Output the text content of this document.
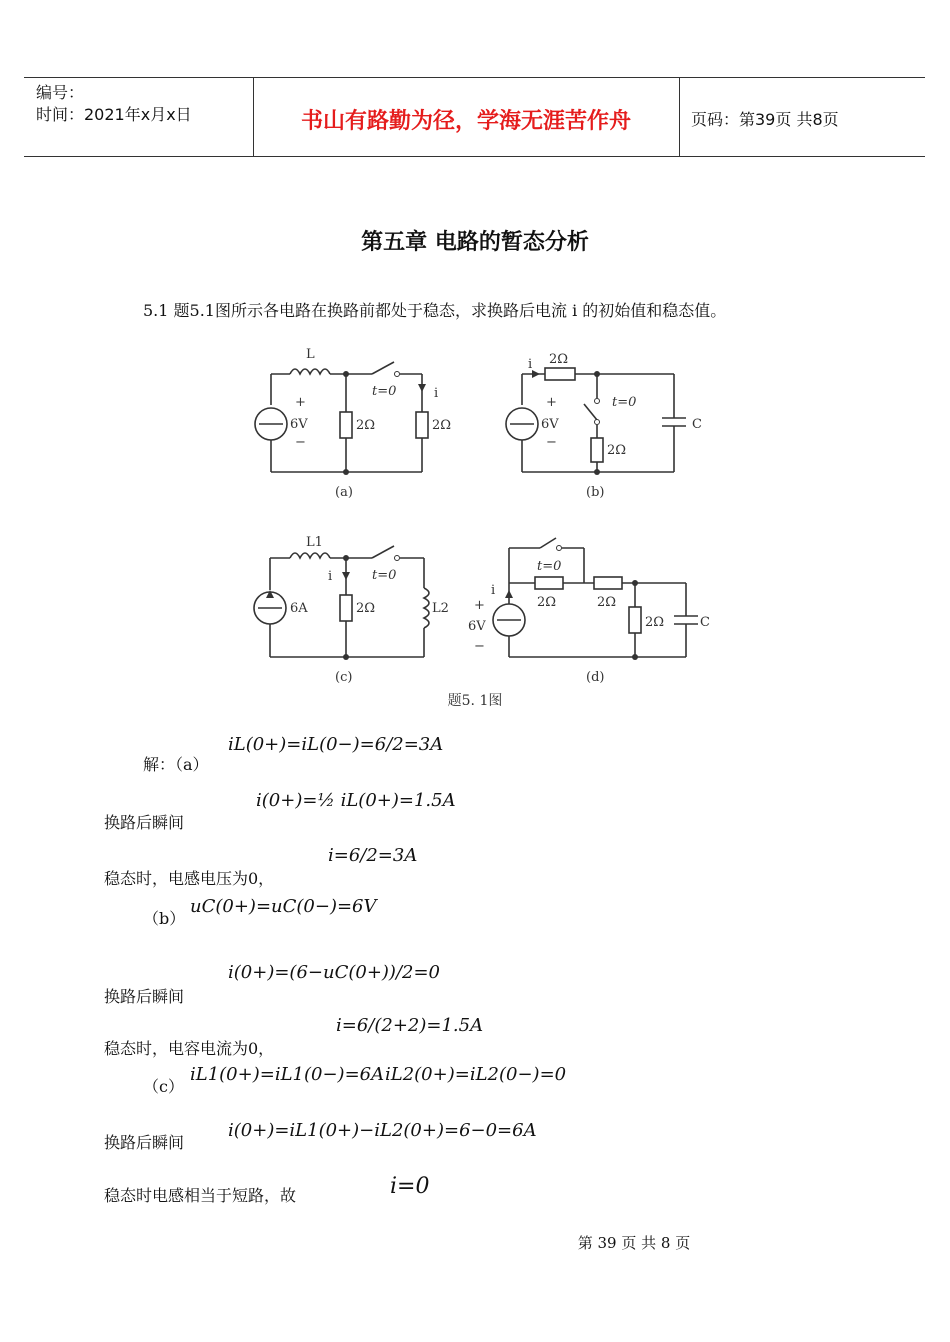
编号：
时间：2021年x月x日	书山有路勤为径，学海无涯苦作舟	页码：第39页 共8页
第五章 电路的暂态分析
5.1 题5.1图所示各电路在换路前都处于稳态，求换路后电流 i 的初始值和稳态值。
L
t=0	i
+
6V
−
2Ω	2Ω
(a)
i 2Ω
t=0
+
6V
−
2Ω
C
(b)
L1
t=0
i
6A	2Ω	L2
(c)
t=0
i
2Ω	2Ω
+
6V
−
2Ω	C
(d)
题5. 1图
解：（a）
iL(0+)=iL(0−)=6/2=3A
换路后瞬间
i(0+)=½ iL(0+)=1.5A
稳态时，电感电压为0，
i=6/2=3A
（b）
uC(0+)=uC(0−)=6V
换路后瞬间
i(0+)=(6−uC(0+))/2=0
稳态时，电容电流为0，
i=6/(2+2)=1.5A
（c）
iL1(0+)=iL1(0−)=6A iL2(0+)=iL2(0−)=0
换路后瞬间
i(0+)=iL1(0+)−iL2(0+)=6−0=6A
稳态时电感相当于短路，故	i=0
第 39 页 共 8 页
